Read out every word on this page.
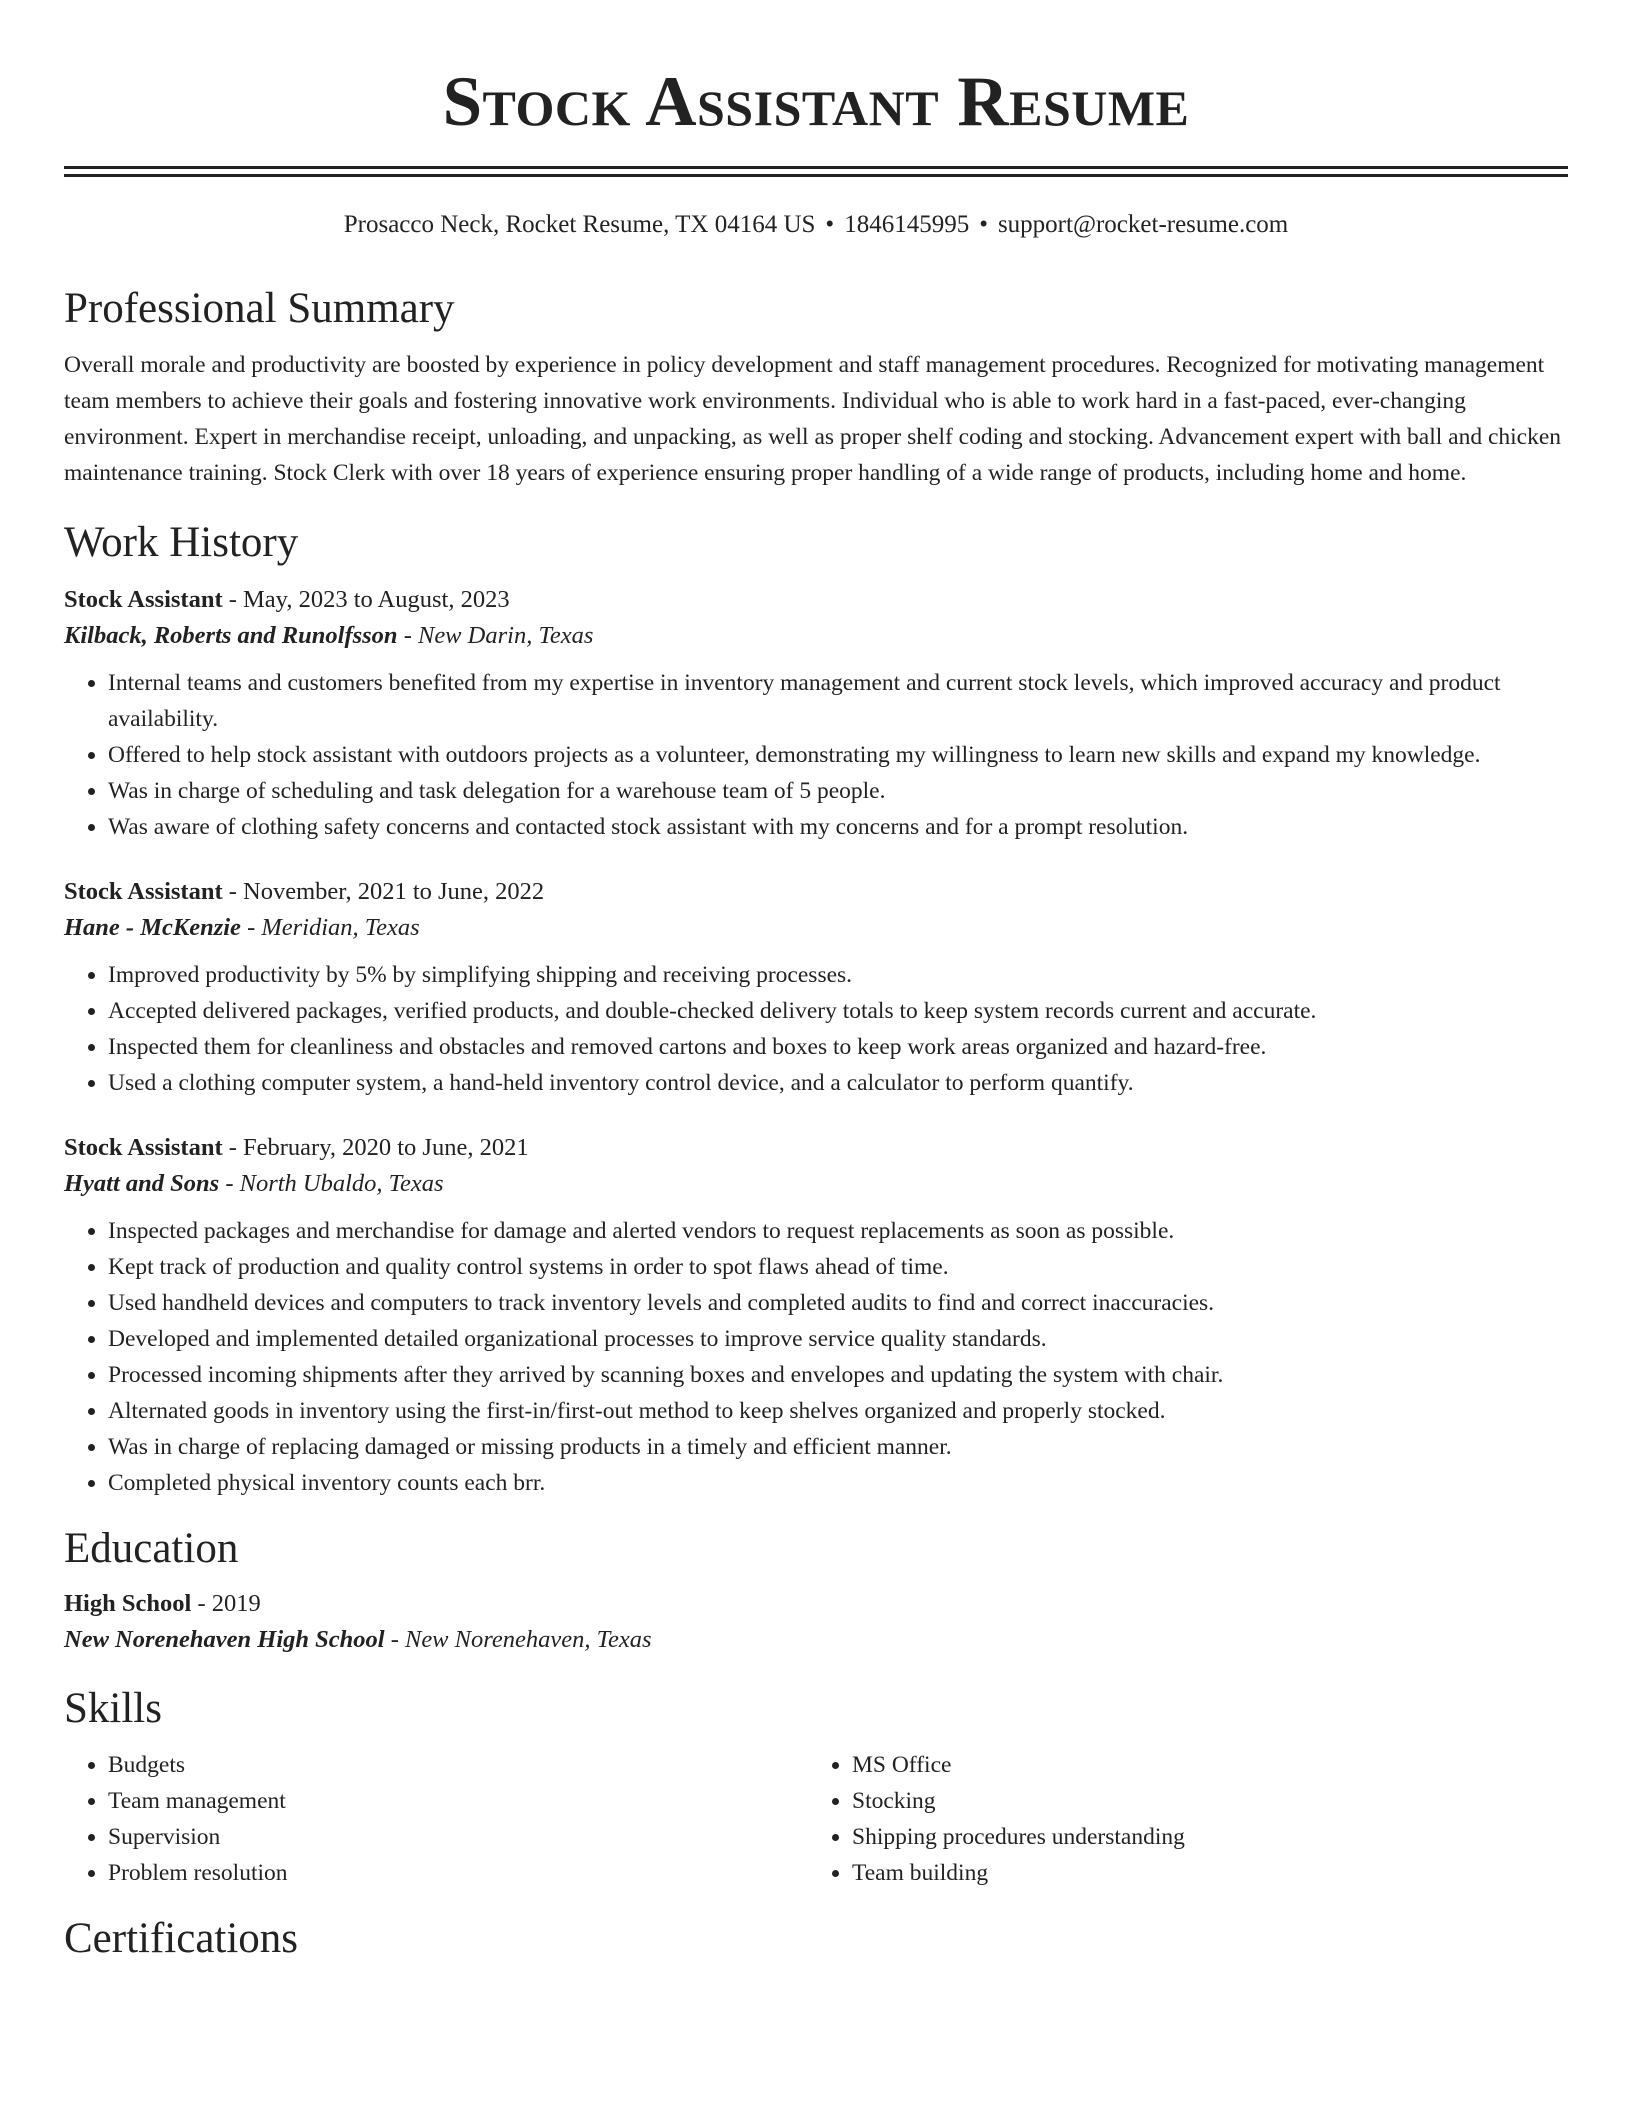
Stock Assistant Resume
Prosacco Neck, Rocket Resume, TX 04164 US • 1846145995 • support@rocket-resume.com
Professional Summary

Overall morale and productivity are boosted by experience in policy development and staff management procedures. Recognized for motivating management team members to achieve their goals and fostering innovative work environments. Individual who is able to work hard in a fast-paced, ever-changing environment. Expert in merchandise receipt, unloading, and unpacking, as well as proper shelf coding and stocking. Advancement expert with ball and chicken maintenance training. Stock Clerk with over 18 years of experience ensuring proper handling of a wide range of products, including home and home.

Work History

Stock Assistant - May, 2023 to August, 2023

Kilback, Roberts and Runolfsson - New Darin, Texas

• Internal teams and customers benefited from my expertise in inventory management and current stock levels, which improved accuracy and product availability.
• Offered to help stock assistant with outdoors projects as a volunteer, demonstrating my willingness to learn new skills and expand my knowledge.
• Was in charge of scheduling and task delegation for a warehouse team of 5 people.
• Was aware of clothing safety concerns and contacted stock assistant with my concerns and for a prompt resolution.

Stock Assistant - November, 2021 to June, 2022

Hane - McKenzie - Meridian, Texas

• Improved productivity by 5% by simplifying shipping and receiving processes.
• Accepted delivered packages, verified products, and double-checked delivery totals to keep system records current and accurate.
• Inspected them for cleanliness and obstacles and removed cartons and boxes to keep work areas organized and hazard-free.
• Used a clothing computer system, a hand-held inventory control device, and a calculator to perform quantify.

Stock Assistant - February, 2020 to June, 2021

Hyatt and Sons - North Ubaldo, Texas

• Inspected packages and merchandise for damage and alerted vendors to request replacements as soon as possible.
• Kept track of production and quality control systems in order to spot flaws ahead of time.
• Used handheld devices and computers to track inventory levels and completed audits to find and correct inaccuracies.
• Developed and implemented detailed organizational processes to improve service quality standards.
• Processed incoming shipments after they arrived by scanning boxes and envelopes and updating the system with chair.
• Alternated goods in inventory using the first-in/first-out method to keep shelves organized and properly stocked.
• Was in charge of replacing damaged or missing products in a timely and efficient manner.
• Completed physical inventory counts each brr.
Education

High School - 2019

New Norenehaven High School - New Norenehaven, Texas

Skills
• Budgets
• Team management
• Supervision
• Problem resolution
• MS Office
• Stocking
• Shipping procedures understanding
• Team building
Certifications
